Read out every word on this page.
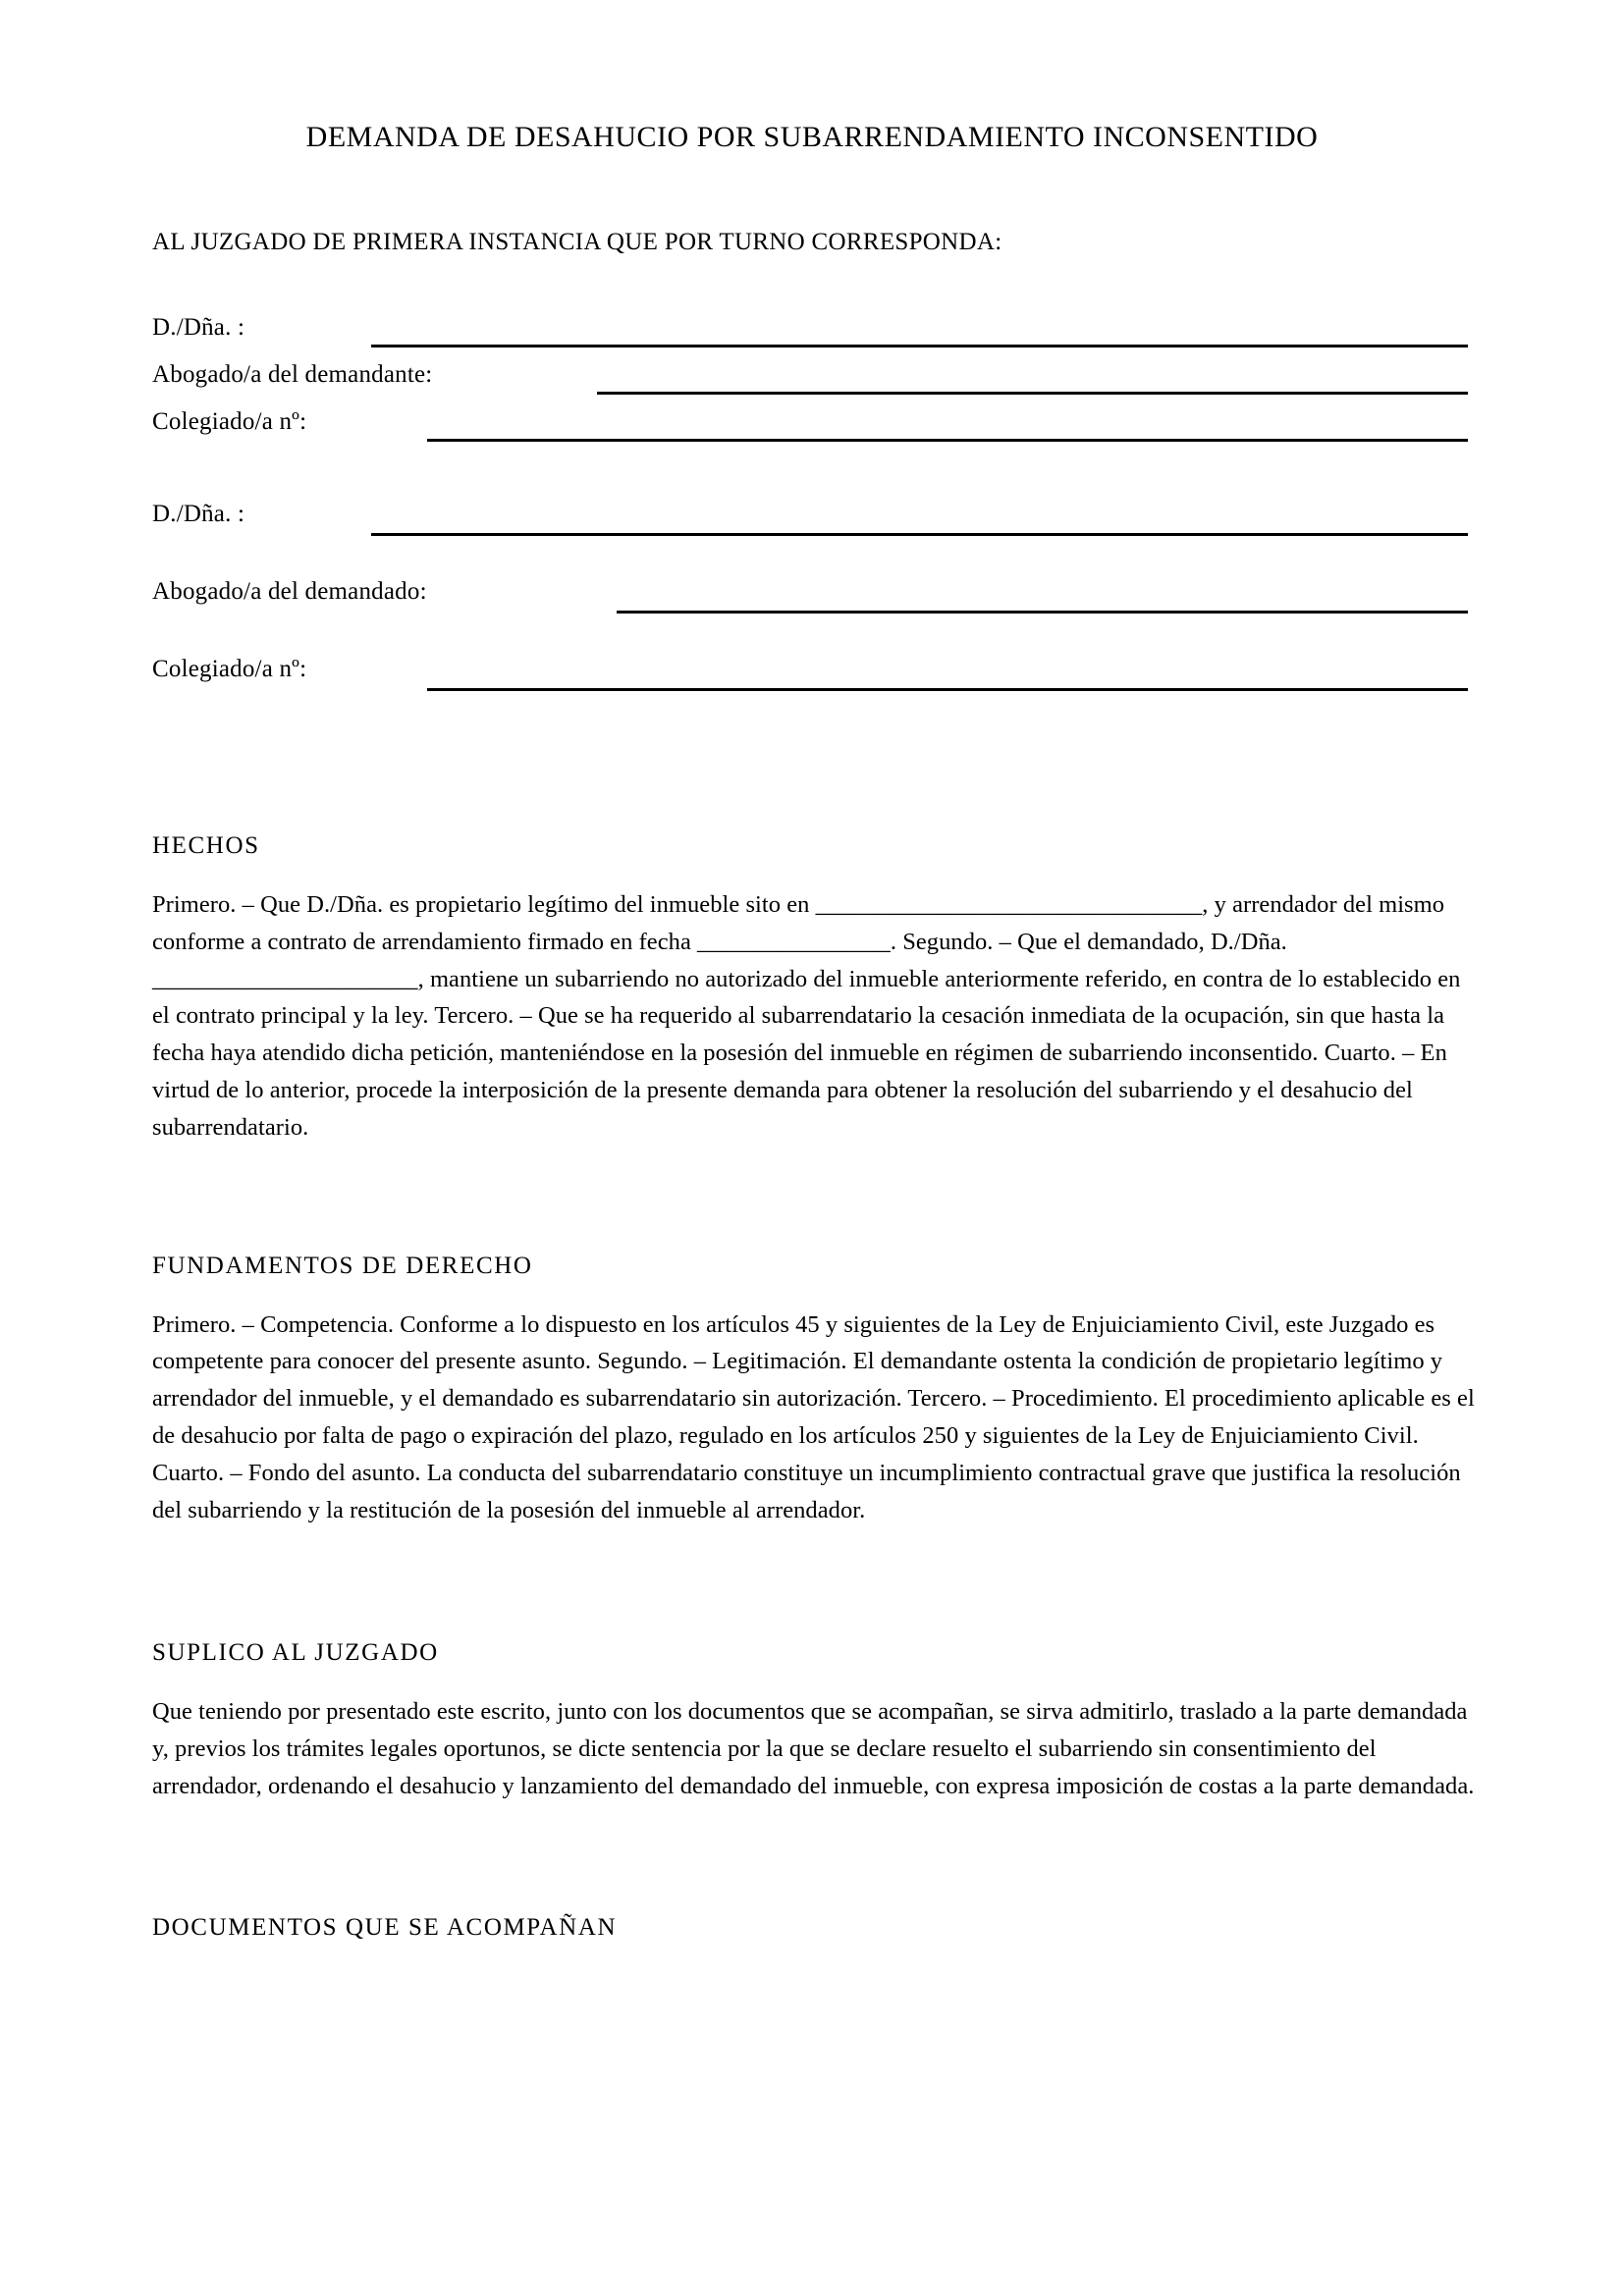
DEMANDA DE DESAHUCIO POR SUBARRENDAMIENTO INCONSENTIDO

AL JUZGADO DE PRIMERA INSTANCIA QUE POR TURNO CORRESPONDA:

D./Dña. :
Abogado/a del demandante:
Colegiado/a nº:
D./Dña. :
Abogado/a del demandado:
Colegiado/a nº:
HECHOS

Primero. – Que D./Dña. es propietario legítimo del inmueble sito en ________________________________, y arrendador del mismo conforme a contrato de arrendamiento firmado en fecha ________________. Segundo. – Que el demandado, D./Dña. ______________________, mantiene un subarriendo no autorizado del inmueble anteriormente referido, en contra de lo establecido en el contrato principal y la ley. Tercero. – Que se ha requerido al subarrendatario la cesación inmediata de la ocupación, sin que hasta la fecha haya atendido dicha petición, manteniéndose en la posesión del inmueble en régimen de subarriendo inconsentido. Cuarto. – En virtud de lo anterior, procede la interposición de la presente demanda para obtener la resolución del subarriendo y el desahucio del subarrendatario.

FUNDAMENTOS DE DERECHO

Primero. – Competencia. Conforme a lo dispuesto en los artículos 45 y siguientes de la Ley de Enjuiciamiento Civil, este Juzgado es competente para conocer del presente asunto. Segundo. – Legitimación. El demandante ostenta la condición de propietario legítimo y arrendador del inmueble, y el demandado es subarrendatario sin autorización. Tercero. – Procedimiento. El procedimiento aplicable es el de desahucio por falta de pago o expiración del plazo, regulado en los artículos 250 y siguientes de la Ley de Enjuiciamiento Civil. Cuarto. – Fondo del asunto. La conducta del subarrendatario constituye un incumplimiento contractual grave que justifica la resolución del subarriendo y la restitución de la posesión del inmueble al arrendador.

SUPLICO AL JUZGADO

Que teniendo por presentado este escrito, junto con los documentos que se acompañan, se sirva admitirlo, traslado a la parte demandada y, previos los trámites legales oportunos, se dicte sentencia por la que se declare resuelto el subarriendo sin consentimiento del arrendador, ordenando el desahucio y lanzamiento del demandado del inmueble, con expresa imposición de costas a la parte demandada.

DOCUMENTOS QUE SE ACOMPAÑAN
